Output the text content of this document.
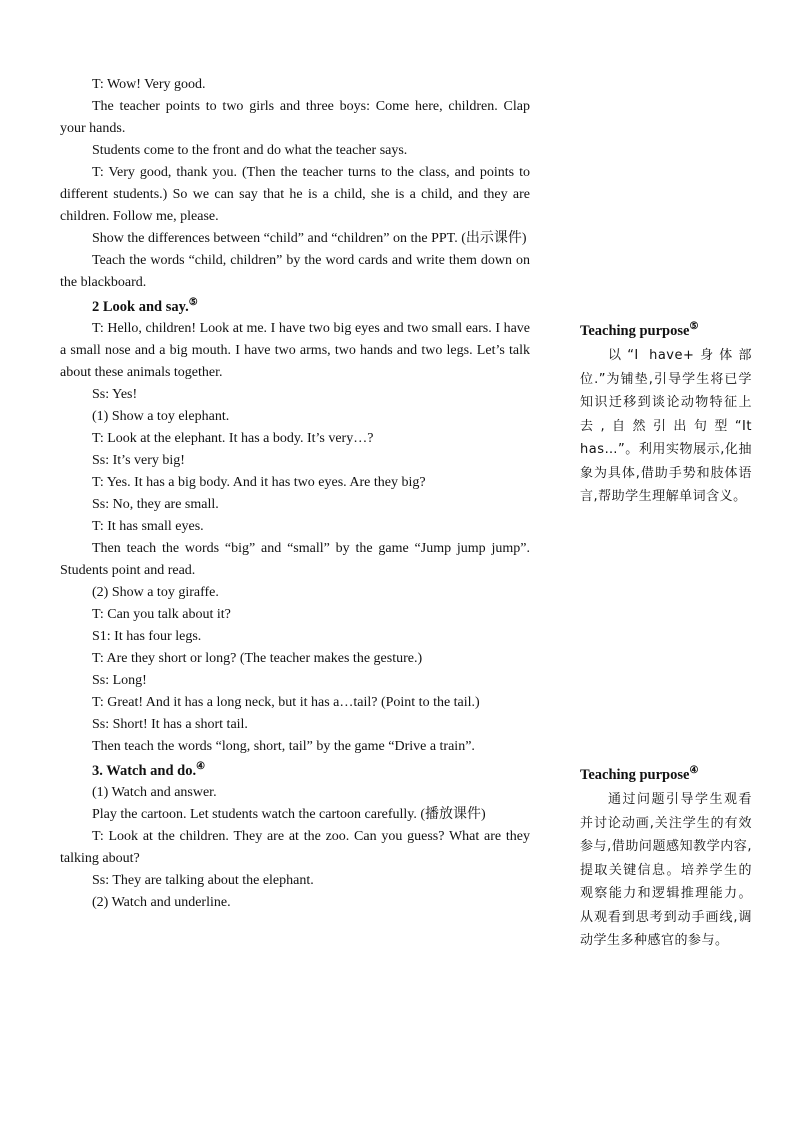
T: Wow! Very good.

The teacher points to two girls and three boys: Come here, children. Clap your hands.

Students come to the front and do what the teacher says.

T: Very good, thank you. (Then the teacher turns to the class, and points to different students.) So we can say that he is a child, she is a child, and they are children. Follow me, please.

Show the differences between “child” and “children” on the PPT. (出示课件)

Teach the words “child, children” by the word cards and write them down on the blackboard.

2 Look and say.⑤

T: Hello, children! Look at me. I have two big eyes and two small ears. I have a small nose and a big mouth. I have two arms, two hands and two legs. Let’s talk about these animals together.

Ss: Yes!

(1) Show a toy elephant.

T: Look at the elephant. It has a body. It’s very…?

Ss: It’s very big!

T: Yes. It has a big body. And it has two eyes. Are they big?

Ss: No, they are small.

T: It has small eyes.

Then teach the words “big” and “small” by the game “Jump jump jump”. Students point and read.

(2) Show a toy giraffe.

T: Can you talk about it?

S1: It has four legs.

T: Are they short or long? (The teacher makes the gesture.)

Ss: Long!

T: Great! And it has a long neck, but it has a…tail? (Point to the tail.)

Ss: Short! It has a short tail.

Then teach the words “long, short, tail” by the game “Drive a train”.

3. Watch and do.④

(1) Watch and answer.

Play the cartoon. Let students watch the cartoon carefully. (播放课件)

T: Look at the children. They are at the zoo. Can you guess? What are they talking about?

Ss: They are talking about the elephant.

(2) Watch and underline.

Teaching purpose⑤

以“I have+身体部位.”为铺垫,引导学生将已学知识迁移到谈论动物特征上去,自然引出句型“It has…”。利用实物展示,化抽象为具体,借助手势和肢体语言,帮助学生理解单词含义。

Teaching purpose④

通过问题引导学生观看并讨论动画,关注学生的有效参与,借助问题感知教学内容,提取关键信息。培养学生的观察能力和逻辑推理能力。从观看到思考到动手画线,调动学生多种感官的参与。
